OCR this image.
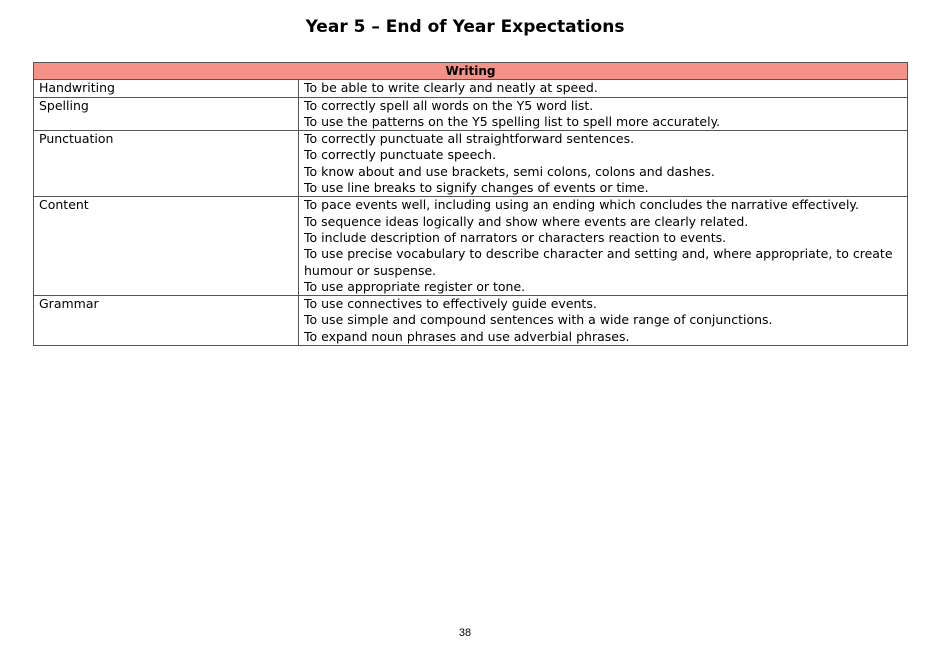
Year 5 – End of Year Expectations
Writing	
Handwriting	To be able to write clearly and neatly at speed.

Spelling	To correctly spell all words on the Y5 word list.
To use the patterns on the Y5 spelling list to spell more accurately.

Punctuation	To correctly punctuate all straightforward sentences.
To correctly punctuate speech.
To know about and use brackets, semi colons, colons and dashes.
To use line breaks to signify changes of events or time.

Content	To pace events well, including using an ending which concludes the narrative effectively.
To sequence ideas logically and show where events are clearly related.
To include description of narrators or characters reaction to events.
To use precise vocabulary to describe character and setting and, where appropriate, to create humour or suspense.
To use appropriate register or tone.

Grammar	To use connectives to effectively guide events.
To use simple and compound sentences with a wide range of conjunctions.
To expand noun phrases and use adverbial phrases.
38
